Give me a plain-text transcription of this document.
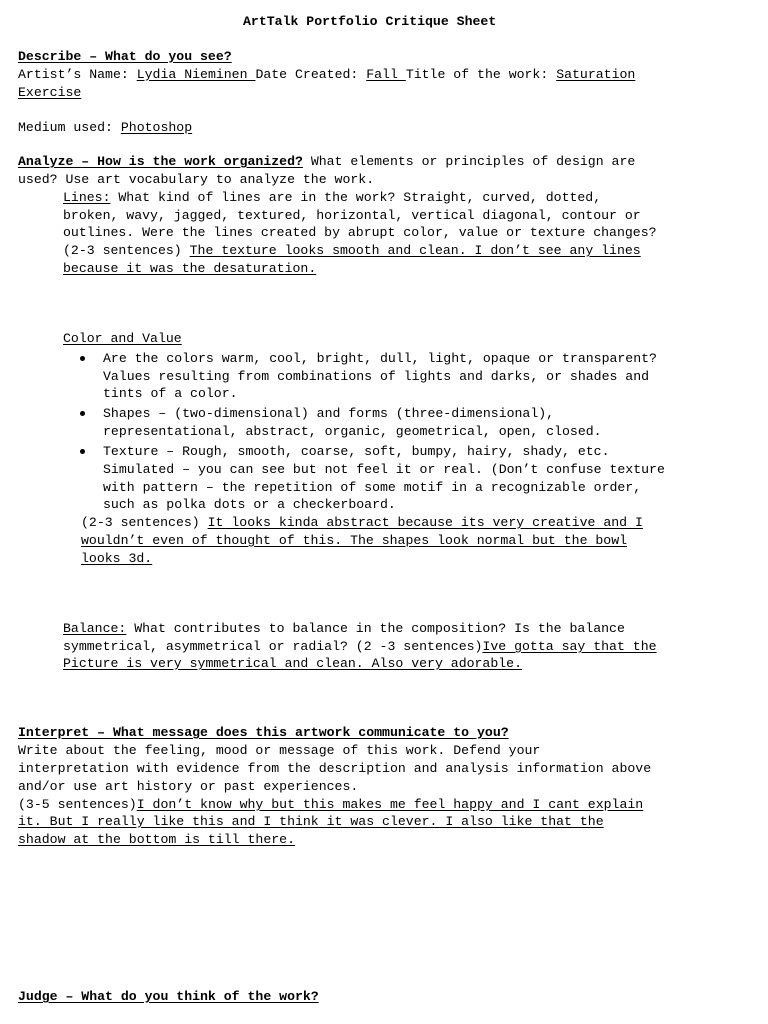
ArtTalk Portfolio Critique Sheet
Describe – What do you see?
Artist’s Name: Lydia Nieminen Date Created: Fall Title of the work: Saturation
Exercise
Medium used: Photoshop
Analyze – How is the work organized? What elements or principles of design are
used? Use art vocabulary to analyze the work.
Lines: What kind of lines are in the work? Straight, curved, dotted,
broken, wavy, jagged, textured, horizontal, vertical diagonal, contour or
outlines. Were the lines created by abrupt color, value or texture changes?
(2-3 sentences) The texture looks smooth and clean. I don’t see any lines
because it was the desaturation.
Color and Value
Are the colors warm, cool, bright, dull, light, opaque or transparent?
Values resulting from combinations of lights and darks, or shades and
tints of a color.
Shapes – (two-dimensional) and forms (three-dimensional),
representational, abstract, organic, geometrical, open, closed.
Texture – Rough, smooth, coarse, soft, bumpy, hairy, shady, etc.
Simulated – you can see but not feel it or real. (Don’t confuse texture
with pattern – the repetition of some motif in a recognizable order,
such as polka dots or a checkerboard.
(2-3 sentences) It looks kinda abstract because its very creative and I
wouldn’t even of thought of this. The shapes look normal but the bowl
looks 3d.
Balance: What contributes to balance in the composition? Is the balance
symmetrical, asymmetrical or radial? (2 -3 sentences)Ive gotta say that the
Picture is very symmetrical and clean. Also very adorable.
Interpret – What message does this artwork communicate to you?
Write about the feeling, mood or message of this work. Defend your
interpretation with evidence from the description and analysis information above
and/or use art history or past experiences.
(3-5 sentences)I don’t know why but this makes me feel happy and I cant explain
it. But I really like this and I think it was clever. I also like that the
shadow at the bottom is till there.
Judge – What do you think of the work?
